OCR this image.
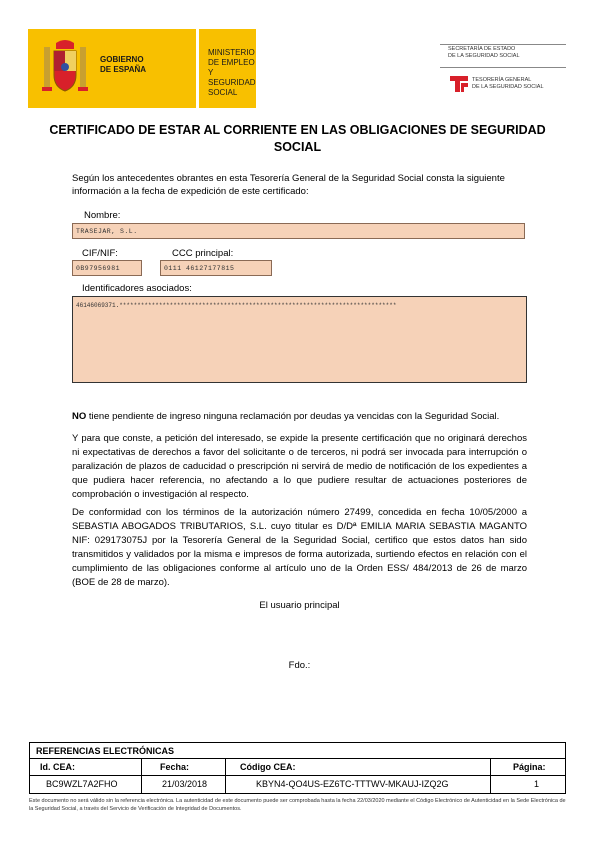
GOBIERNO
DE ESPAÑA
MINISTERIO
DE EMPLEO
Y SEGURIDAD SOCIAL
SECRETARÍA DE ESTADO
DE LA SEGURIDAD SOCIAL
TESORERÍA GENERAL
DE LA SEGURIDAD SOCIAL
CERTIFICADO DE ESTAR AL CORRIENTE EN LAS OBLIGACIONES DE SEGURIDAD SOCIAL
Según los antecedentes obrantes en esta Tesorería General de la Seguridad Social consta la siguiente información a la fecha de expedición de este certificado:
Nombre:
TRASEJAR, S.L.
CIF/NIF:
0B97956981
CCC principal:
0111 46127177815
Identificadores asociados:
46146069371.*****************************************************************************
NO tiene pendiente de ingreso ninguna reclamación por deudas ya vencidas con la Seguridad Social.
Y para que conste, a petición del interesado, se expide la presente certificación que no originará derechos ni expectativas de derechos a favor del solicitante o de terceros, ni podrá ser invocada para interrupción o paralización de plazos de caducidad o prescripción ni servirá de medio de notificación de los expedientes a que pudiera hacer referencia, no afectando a lo que pudiere resultar de actuaciones posteriores de comprobación o investigación al respecto.
De conformidad con los términos de la autorización número 27499, concedida en fecha 10/05/2000 a SEBASTIA ABOGADOS TRIBUTARIOS, S.L. cuyo titular es D/Dª EMILIA MARIA SEBASTIA MAGANTO NIF: 029173075J por la Tesorería General de la Seguridad Social, certifico que estos datos han sido transmitidos y validados por la misma e impresos de forma autorizada, surtiendo efectos en relación con el cumplimiento de las obligaciones conforme al artículo uno de la Orden ESS/ 484/2013 de 26 de marzo (BOE de 28 de marzo).
El usuario principal
Fdo.:
REFERENCIAS ELECTRÓNICAS
Id. CEA:	Fecha:	Código CEA:	Página:
BC9WZL7A2FHO	21/03/2018	KBYN4-QO4US-EZ6TC-TTTWV-MKAUJ-IZQ2G	1
Este documento no será válido sin la referencia electrónica. La autenticidad de este documento puede ser comprobada hasta la fecha 22/03/2020 mediante el Código Electrónico de Autenticidad en la Sede Electrónica de la Seguridad Social, a través del Servicio de Verificación de Integridad de Documentos.
